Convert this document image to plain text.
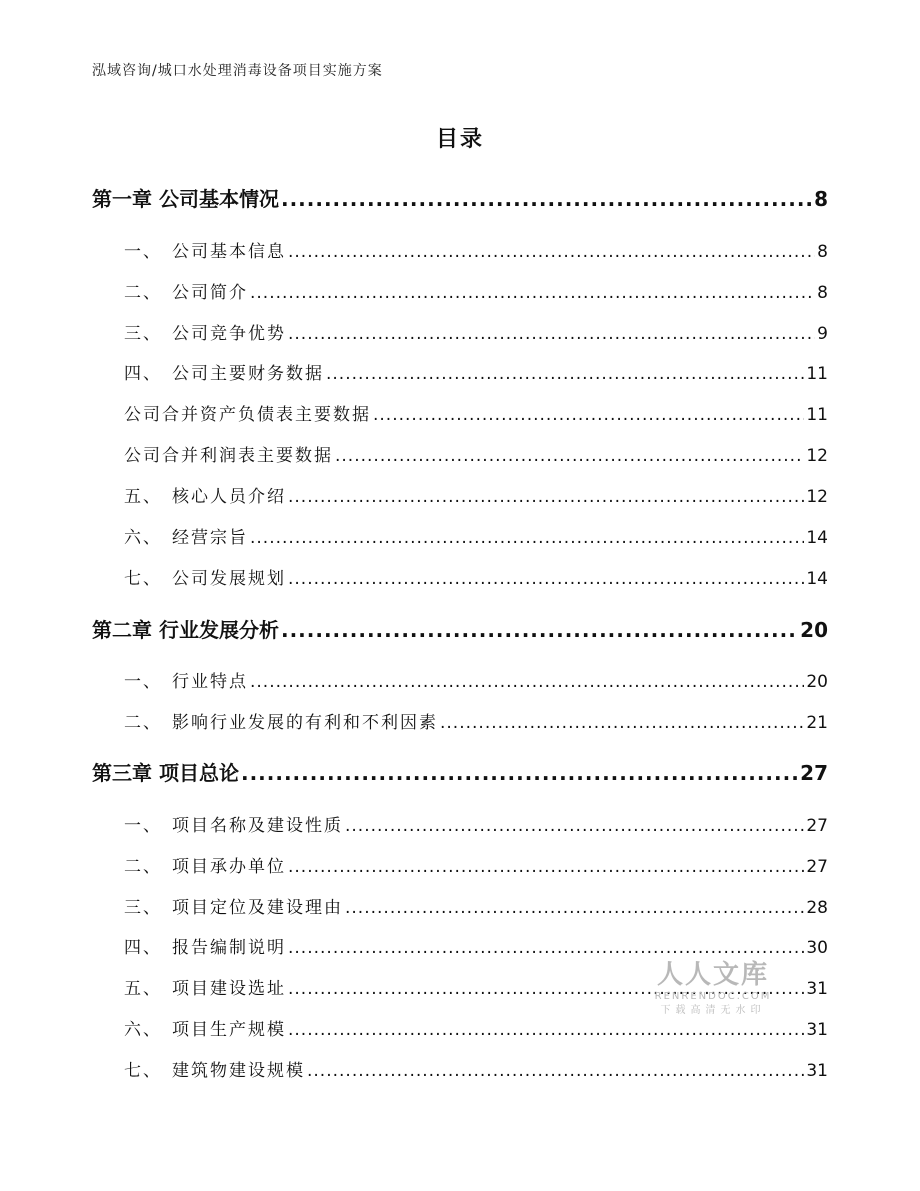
泓域咨询/城口水处理消毒设备项目实施方案
目录
第一章 公司基本情况 .....	8
一、 公司基本信息 .....	8
二、 公司简介 .....	8
三、 公司竞争优势 .....	9
四、 公司主要财务数据 .....	11
公司合并资产负债表主要数据 .....	11
公司合并利润表主要数据 .....	12
五、 核心人员介绍 .....	12
六、 经营宗旨 .....	14
七、 公司发展规划 .....	14
第二章 行业发展分析 .....	20
一、 行业特点 .....	20
二、 影响行业发展的有利和不利因素 .....	21
第三章 项目总论 .....	27
一、 项目名称及建设性质 .....	27
二、 项目承办单位 .....	27
三、 项目定位及建设理由 .....	28
四、 报告编制说明 .....	30
五、 项目建设选址 .....	31
六、 项目生产规模 .....	31
七、 建筑物建设规模 .....	31
人人文库
RENRENDOC.COM
下载高清无水印
